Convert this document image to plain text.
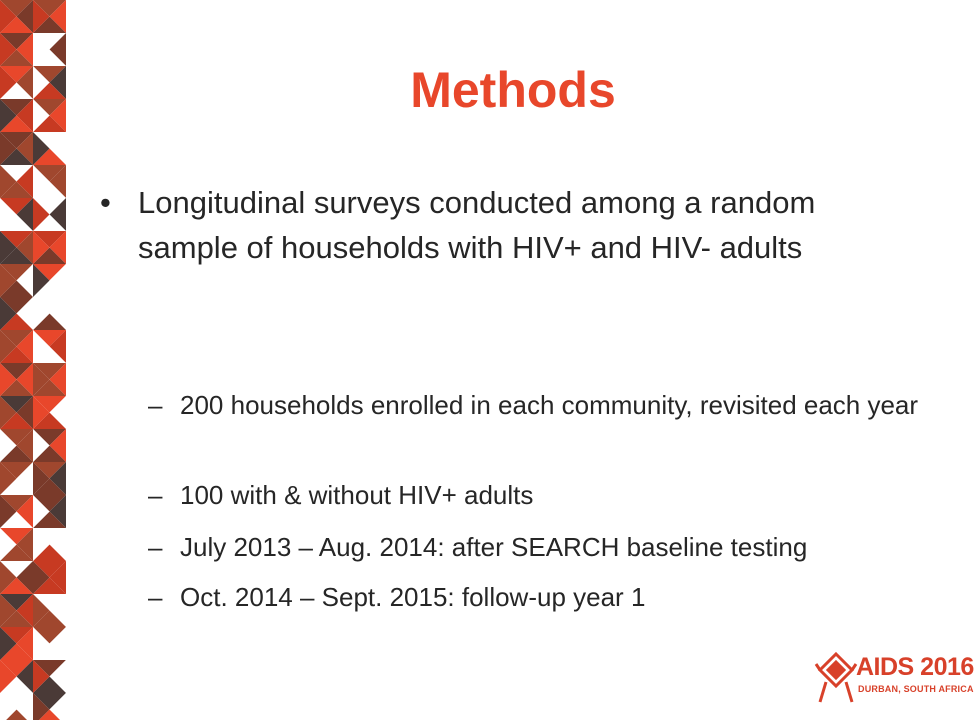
Methods
• Longitudinal surveys conducted among a random sample of households with HIV+ and HIV- adults
– 200 households enrolled in each community, revisited each year
– 100 with & without HIV+ adults
– July 2013 – Aug. 2014: after SEARCH baseline testing
– Oct. 2014 – Sept. 2015: follow-up year 1
AIDS 2016
DURBAN, SOUTH AFRICA
